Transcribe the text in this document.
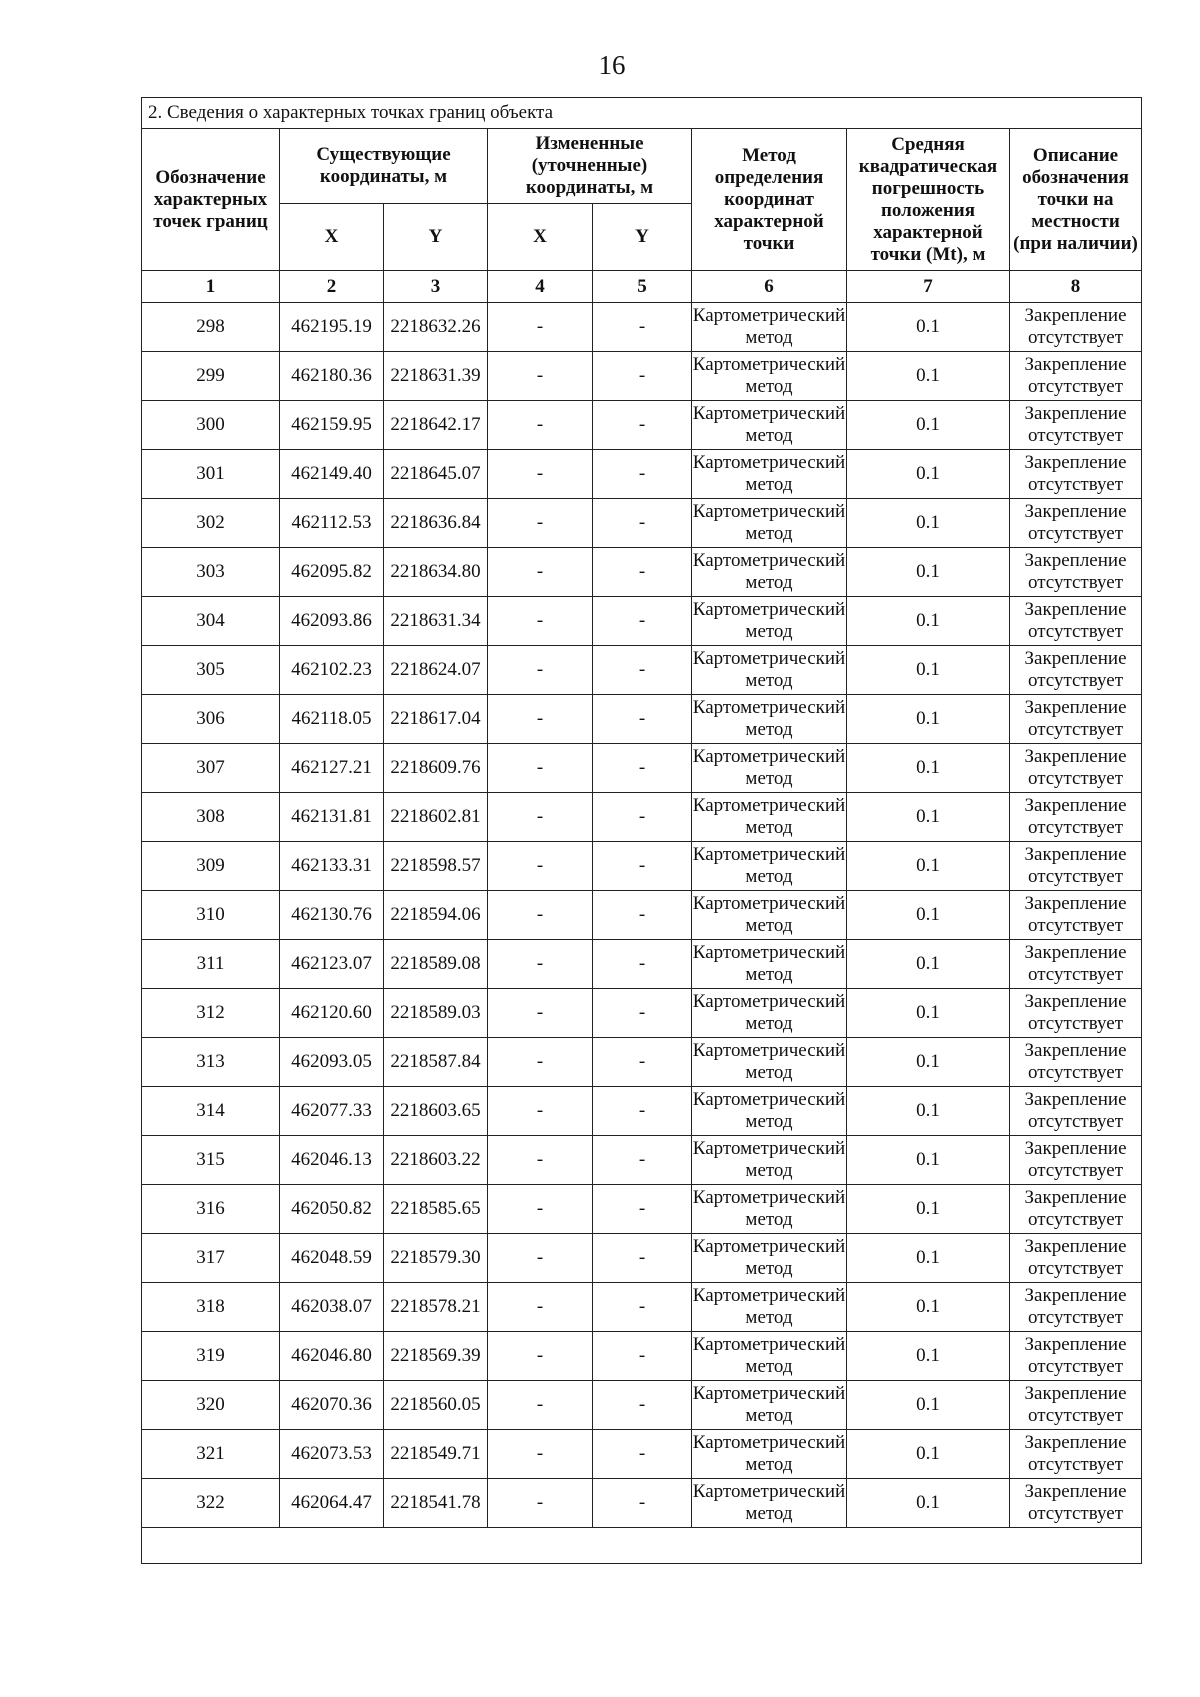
16
2. Сведения о характерных точках границ объекта							
Обозначение характерных точек границ	Существующие координаты, м		Измененные (уточненные) координаты, м		Метод определения координат характерной точки	Средняя квадратическая погрешность положения характерной точки (Mt), м	Описание обозначения точки на местности (при наличии)
	X	Y	X	Y			
1	2	3	4	5	6	7	8
298	462195.19	2218632.26	-	-	Картометрический метод	0.1	Закрепление отсутствует
299	462180.36	2218631.39	-	-	Картометрический метод	0.1	Закрепление отсутствует
300	462159.95	2218642.17	-	-	Картометрический метод	0.1	Закрепление отсутствует
301	462149.40	2218645.07	-	-	Картометрический метод	0.1	Закрепление отсутствует
302	462112.53	2218636.84	-	-	Картометрический метод	0.1	Закрепление отсутствует
303	462095.82	2218634.80	-	-	Картометрический метод	0.1	Закрепление отсутствует
304	462093.86	2218631.34	-	-	Картометрический метод	0.1	Закрепление отсутствует
305	462102.23	2218624.07	-	-	Картометрический метод	0.1	Закрепление отсутствует
306	462118.05	2218617.04	-	-	Картометрический метод	0.1	Закрепление отсутствует
307	462127.21	2218609.76	-	-	Картометрический метод	0.1	Закрепление отсутствует
308	462131.81	2218602.81	-	-	Картометрический метод	0.1	Закрепление отсутствует
309	462133.31	2218598.57	-	-	Картометрический метод	0.1	Закрепление отсутствует
310	462130.76	2218594.06	-	-	Картометрический метод	0.1	Закрепление отсутствует
311	462123.07	2218589.08	-	-	Картометрический метод	0.1	Закрепление отсутствует
312	462120.60	2218589.03	-	-	Картометрический метод	0.1	Закрепление отсутствует
313	462093.05	2218587.84	-	-	Картометрический метод	0.1	Закрепление отсутствует
314	462077.33	2218603.65	-	-	Картометрический метод	0.1	Закрепление отсутствует
315	462046.13	2218603.22	-	-	Картометрический метод	0.1	Закрепление отсутствует
316	462050.82	2218585.65	-	-	Картометрический метод	0.1	Закрепление отсутствует
317	462048.59	2218579.30	-	-	Картометрический метод	0.1	Закрепление отсутствует
318	462038.07	2218578.21	-	-	Картометрический метод	0.1	Закрепление отсутствует
319	462046.80	2218569.39	-	-	Картометрический метод	0.1	Закрепление отсутствует
320	462070.36	2218560.05	-	-	Картометрический метод	0.1	Закрепление отсутствует
321	462073.53	2218549.71	-	-	Картометрический метод	0.1	Закрепление отсутствует
322	462064.47	2218541.78	-	-	Картометрический метод	0.1	Закрепление отсутствует
